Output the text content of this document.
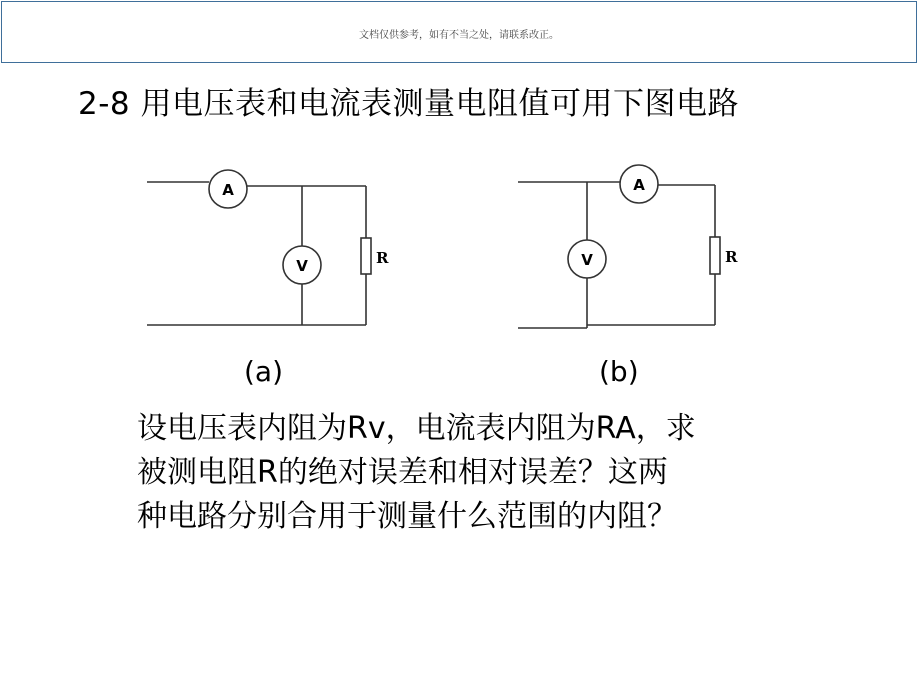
文档仅供参考，如有不当之处，请联系改正。
2-8 用电压表和电流表测量电阻值可用下图电路
A
V	R
A
V	R
(a)	(b)

设电压表内阻为Rv，电流表内阻为RA，求

被测电阻R的绝对误差和相对误差？这两

种电路分别合用于测量什么范围的内阻？
